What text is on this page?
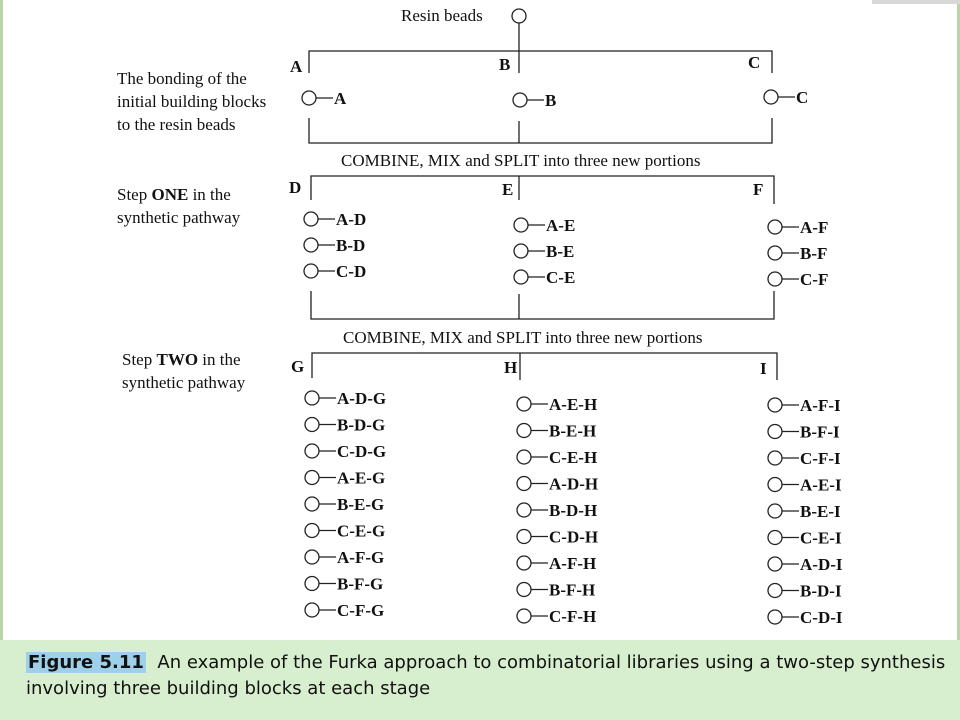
Resin beads
The bonding of the
initial building blocks
to the resin beads
A	B	C
A	B	C
COMBINE, MIX and SPLIT into three new portions
Step ONE in the
synthetic pathway
D	E	F
A-D
B-D
C-D
A-E
B-E
C-E
A-F
B-F
C-F
COMBINE, MIX and SPLIT into three new portions
Step TWO in the
synthetic pathway
G	H	I
A-D-G
B-D-G
C-D-G
A-E-G
B-E-G
C-E-G
A-F-G
B-F-G
C-F-G
A-E-H
B-E-H
C-E-H
A-D-H
B-D-H
C-D-H
A-F-H
B-F-H
C-F-H
A-F-I
B-F-I
C-F-I
A-E-I
B-E-I
C-E-I
A-D-I
B-D-I
C-D-I
Figure 5.11 An example of the Furka approach to combinatorial libraries using a two-step synthesis involving three building blocks at each stage
